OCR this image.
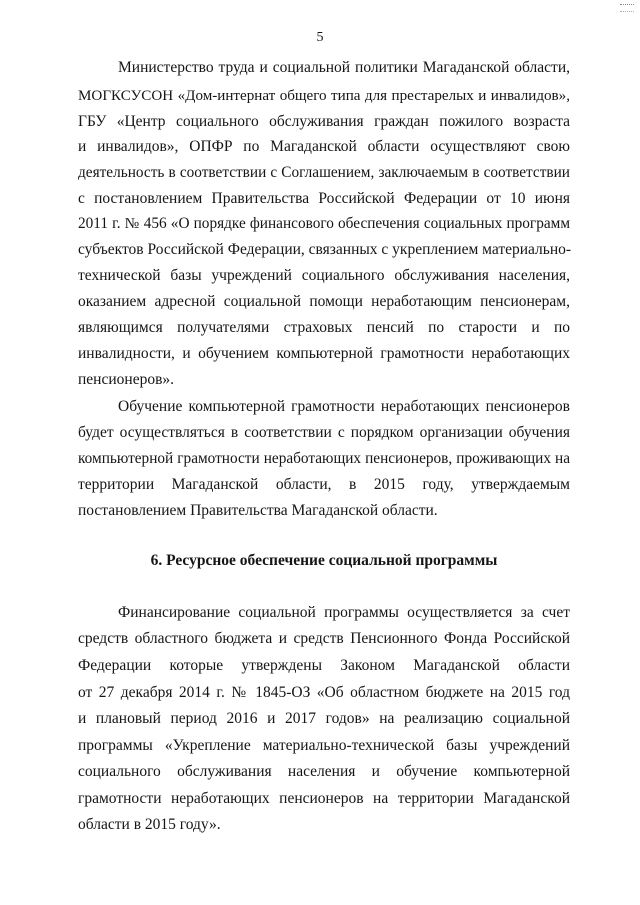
5
Министерство труда и социальной политики Магаданской области,
МОГКСУСОН «Дом-интернат общего типа для престарелых и инвалидов»,
ГБУ «Центр социального обслуживания граждан пожилого возраста
и инвалидов», ОПФР по Магаданской области осуществляют свою
деятельность в соответствии с Соглашением, заключаемым в соответствии
с постановлением Правительства Российской Федерации от 10 июня
2011 г. № 456 «О порядке финансового обеспечения социальных программ
субъектов Российской Федерации, связанных с укреплением материально-
технической базы учреждений социального обслуживания населения,
оказанием адресной социальной помощи неработающим пенсионерам,
являющимся получателями страховых пенсий по старости и по
инвалидности, и обучением компьютерной грамотности неработающих
пенсионеров».
Обучение компьютерной грамотности неработающих пенсионеров
будет осуществляться в соответствии с порядком организации обучения
компьютерной грамотности неработающих пенсионеров, проживающих на
территории Магаданской области, в 2015 году, утверждаемым
постановлением Правительства Магаданской области.
6. Ресурсное обеспечение социальной программы
Финансирование социальной программы осуществляется за счет
средств областного бюджета и средств Пенсионного Фонда Российской
Федерации которые утверждены Законом Магаданской области
от 27 декабря 2014 г. № 1845-ОЗ «Об областном бюджете на 2015 год
и плановый период 2016 и 2017 годов» на реализацию социальной
программы «Укрепление материально-технической базы учреждений
социального обслуживания населения и обучение компьютерной
грамотности неработающих пенсионеров на территории Магаданской
области в 2015 году».
